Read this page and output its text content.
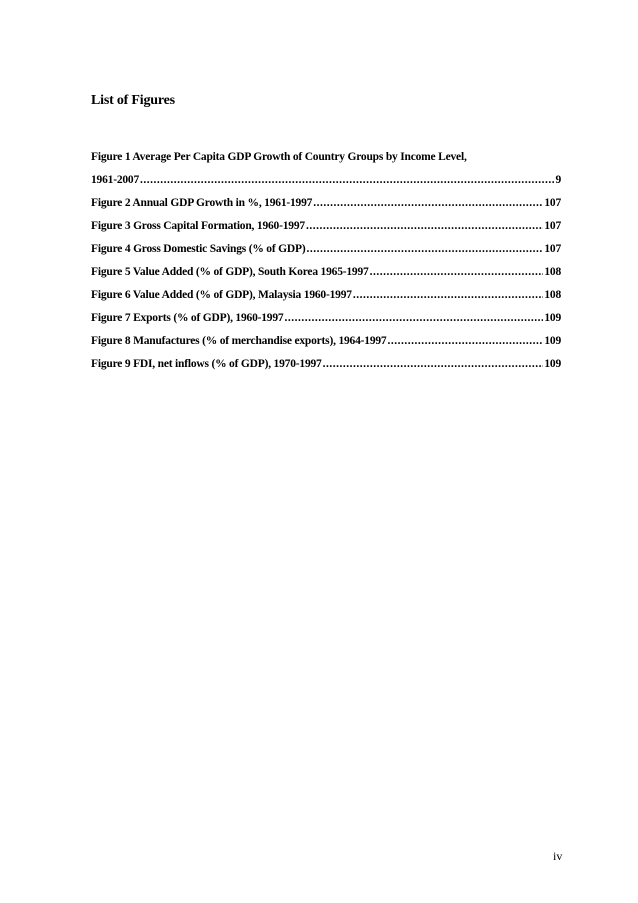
List of Figures
Figure 1 Average Per Capita GDP Growth of Country Groups by Income Level,
1961-2007 .....	9
Figure 2 Annual GDP Growth in %, 1961-1997 .....	107
Figure 3 Gross Capital Formation, 1960-1997 .....	107
Figure 4 Gross Domestic Savings (% of GDP) .....	107
Figure 5 Value Added (% of GDP), South Korea 1965-1997 .....	108
Figure 6 Value Added (% of GDP), Malaysia 1960-1997 .....	108
Figure 7 Exports (% of GDP), 1960-1997 .....	109
Figure 8 Manufactures (% of merchandise exports), 1964-1997 .....	109
Figure 9 FDI, net inflows (% of GDP), 1970-1997 .....	109
iv
